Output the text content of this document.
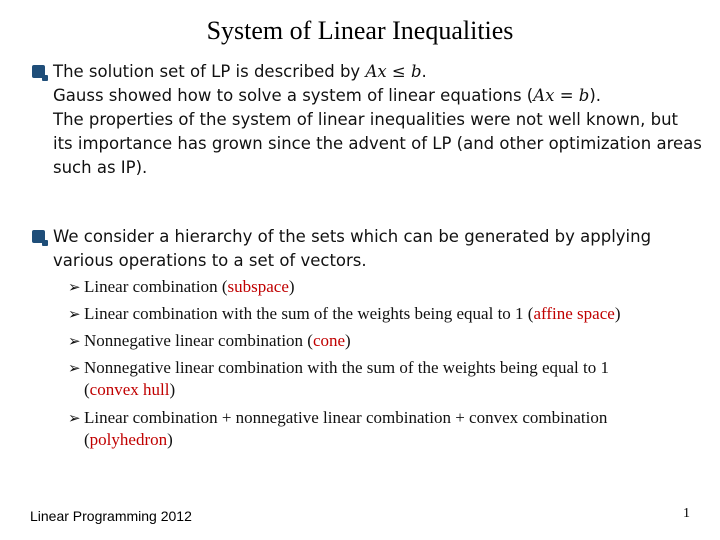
System of Linear Inequalities

The solution set of LP is described by Ax ≤ b.

Gauss showed how to solve a system of linear equations (Ax = b).

The properties of the system of linear inequalities were not well known, but its importance has grown since the advent of LP (and other optimization areas such as IP).

We consider a hierarchy of the sets which can be generated by applying various operations to a set of vectors.
➢ Linear combination (subspace)
➢ Linear combination with the sum of the weights being equal to 1 (affine space)
➢ Nonnegative linear combination (cone)
➢ Nonnegative linear combination with the sum of the weights being equal to 1 (convex hull)
➢ Linear combination + nonnegative linear combination + convex combination (polyhedron)
Linear Programming 2012	1
